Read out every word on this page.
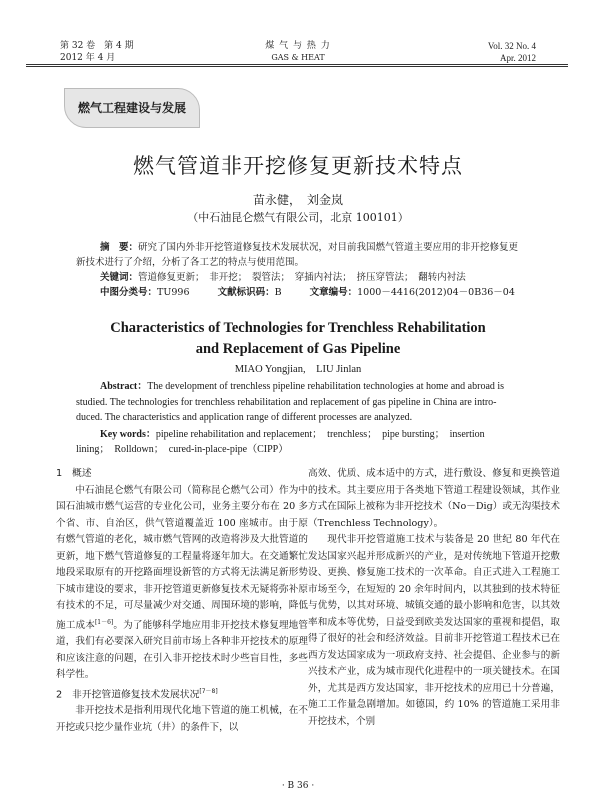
第 32 卷　第 4 期
2012 年 4 月
煤 气 与 热 力
GAS & HEAT
Vol. 32 No. 4
Apr. 2012
燃气工程建设与发展
燃气管道非开挖修复更新技术特点
苗永健，　刘金岚
（中石油昆仑燃气有限公司，北京 100101）
摘　要：研究了国内外非开挖管道修复技术发展状况，对目前我国燃气管道主要应用的非开挖修复更新技术进行了介绍，分析了各工艺的特点与使用范围。
关键词：管道修复更新；　非开挖；　裂管法；　穿插内衬法；　挤压穿管法；　翻转内衬法
中图分类号：TU996	文献标识码：B	文章编号：1000－4416(2012)04－0B36－04
Characteristics of Technologies for Trenchless Rehabilitation
and Replacement of Gas Pipeline
MIAO Yongjian,　LIU Jinlan
Abstract：The development of trenchless pipeline rehabilitation technologies at home and abroad is
studied. The technologies for trenchless rehabilitation and replacement of gas pipeline in China are intro-
duced. The characteristics and application range of different processes are analyzed.
Key words：pipeline rehabilitation and replacement；　trenchless；　pipe bursting；　insertion
lining；　Rolldown；　cured-in-place-pipe（CIPP）

1　概述

中石油昆仑燃气有限公司（简称昆仑燃气公司）作为中国石油城市燃气运营的专业化公司，业务主要分布在 20 多个省、市、自治区，供气管道覆盖近 100 座城市。由于原有燃气管道的老化，城市燃气管网的改造将涉及大批管道的更新，地下燃气管道修复的工程量将逐年加大。在交通繁忙地段采取原有的开挖路面埋设新管的方式将无法满足新形势下城市建设的要求，非开挖管道更新修复技术无疑将弥补原有技术的不足，可尽量减少对交通、周围环境的影响，降低施工成本[1－6]。为了能够科学地应用非开挖技术修复埋地管道，我们有必要深入研究目前市场上各种非开挖技术的原理和应该注意的问题，在引入非开挖技术时少些盲目性，多些科学性。

2　非开挖管道修复技术发展状况[7－8]

非开挖技术是指利用现代化地下管道的施工机械，在不开挖或只挖少量作业坑（井）的条件下，以

高效、优质、成本适中的方式，进行敷设、修复和更换管道的技术。其主要应用于各类地下管道工程建设领域，其作业方式在国际上被称为非开挖技术（No－Dig）或无沟渠技术（Trenchless Technology）。

现代非开挖管道施工技术与装备是 20 世纪 80 年代在发达国家兴起并形成新兴的产业，是对传统地下管道开挖敷设、更换、修复施工技术的一次革命。自正式进入工程施工市场至今，在短短的 20 余年时间内，以其独到的技术特征与优势，以其对环境、城镇交通的最小影响和危害，以其效率和成本等优势，日益受到欧美发达国家的重视和提倡，取得了很好的社会和经济效益。目前非开挖管道工程技术已在西方发达国家成为一项政府支持、社会提倡、企业参与的新兴技术产业，成为城市现代化进程中的一项关键技术。在国外，尤其是西方发达国家，非开挖技术的应用已十分普遍，施工工作量急剧增加。如德国，约 10% 的管道施工采用非开挖技术，个别

· B 36 ·
